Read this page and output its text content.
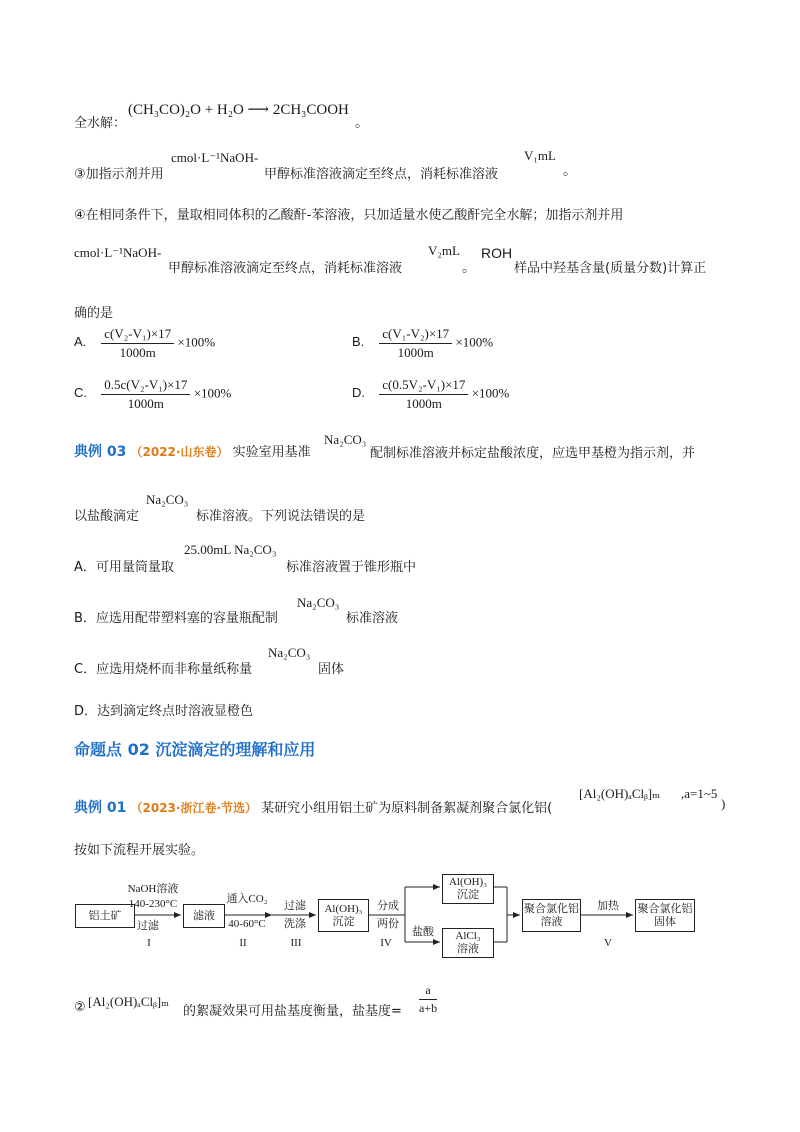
全水解：
(CH₃CO)₂O + H₂O ⟶ 2CH₃COOH
。
③加指示剂并用
cmol·L⁻¹NaOH-
甲醇标准溶液滴定至终点，消耗标准溶液
V₁mL
。
④在相同条件下，量取相同体积的乙酸酐-苯溶液，只加适量水使乙酸酐完全水解；加指示剂并用
cmol·L⁻¹NaOH-
甲醇标准溶液滴定至终点，消耗标准溶液
V₂mL
。
ROH
样品中羟基含量(质量分数)计算正
确的是
A. $\frac{\text{c(V₂-V₁)×17}}{1000m} \times 100\%$	B. $\frac{\text{c(V₁-V₂)×17}}{1000m} \times 100\%$
C. $\frac{\text{0.5c(V₂-V₁)×17}}{1000m} \times 100\%$	D. $\frac{\text{c(0.5V₂-V₁)×17}}{1000m} \times 100\%$
典例 03 （2022·山东卷） 实验室用基准
Na₂CO₃
配制标准溶液并标定盐酸浓度，应选甲基橙为指示剂，并
以盐酸滴定
Na₂CO₃
标准溶液。下列说法错误的是
A．可用量筒量取
25.00mL Na₂CO₃
标准溶液置于锥形瓶中
B．应选用配带塑料塞的容量瓶配制
Na₂CO₃
标准溶液
C．应选用烧杯而非称量纸称量
Na₂CO₃
固体
D．达到滴定终点时溶液显橙色
命题点 02 沉淀滴定的理解和应用
典例 01 （2023·浙江卷·节选） 某研究小组用铝土矿为原料制备絮凝剂聚合氯化铝(
[Al₂(OH)ₐClᵦ]ₘ ,a=1~5
)
按如下流程开展实验。
铝土矿
NaOH溶液
140-230°C
过滤
I
滤液
通入CO₂
40-60°C
II
过滤
洗涤
III
Al(OH)₃
沉淀
分成
两份
IV
Al(OH)₃
沉淀
盐酸	AlCl₃
溶液
聚合氯化铝
溶液
加热
V
聚合氯化铝
固体
② [Al₂(OH)ₐClᵦ]ₘ
的絮凝效果可用盐基度衡量，盐基度=	$\frac{a}{a+b}$
